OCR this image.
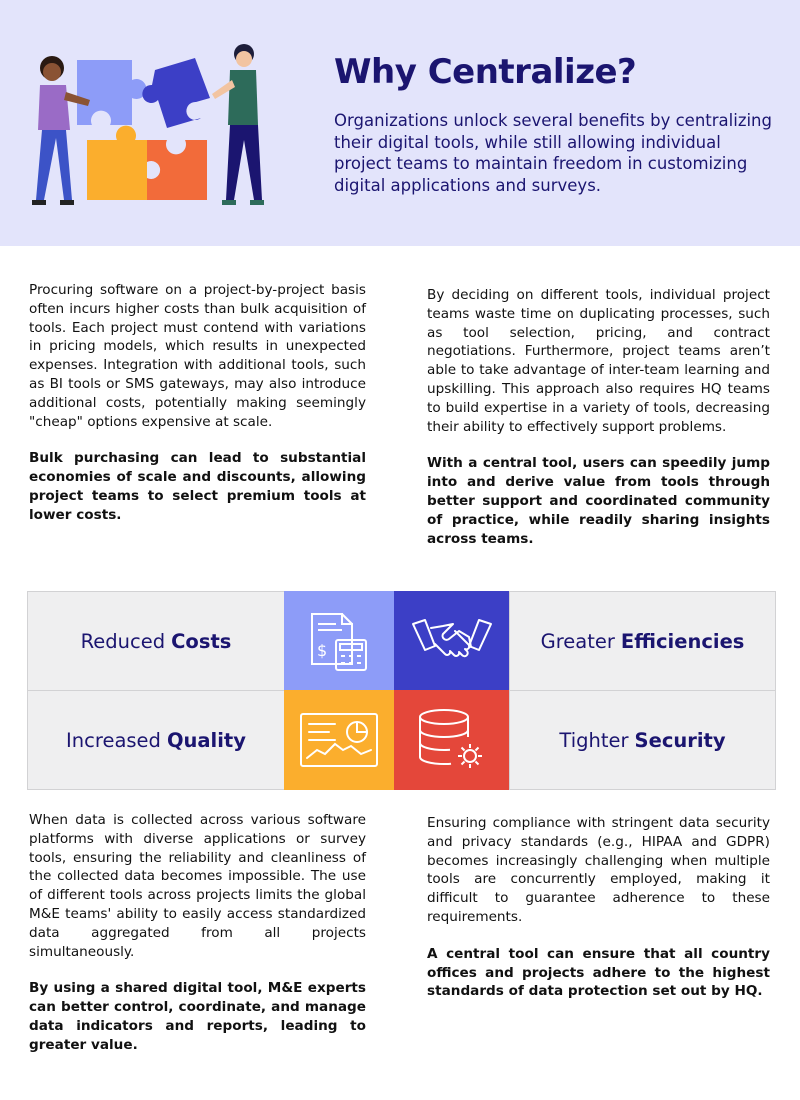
Why Centralize?
Organizations unlock several benefits by centralizing their digital tools, while still allowing individual project teams to maintain freedom in customizing digital applications and surveys.

Procuring software on a project-by-project basis often incurs higher costs than bulk acquisition of tools. Each project must contend with variations in pricing models, which results in unexpected expenses. Integration with additional tools, such as BI tools or SMS gateways, may also introduce additional costs, potentially making seemingly "cheap" options expensive at scale.

Bulk purchasing can lead to substantial economies of scale and discounts, allowing project teams to select premium tools at lower costs.

By deciding on different tools, individual project teams waste time on duplicating processes, such as tool selection, pricing, and contract negotiations. Furthermore, project teams aren’t able to take advantage of inter-team learning and upskilling. This approach also requires HQ teams to build expertise in a variety of tools, decreasing their ability to effectively support problems.

With a central tool, users can speedily jump into and derive value from tools through better support and coordinated community of practice, while readily sharing insights across teams.

Reduced Costs	$	Greater Efficiencies
Increased Quality	Tighter Security

When data is collected across various software platforms with diverse applications or survey tools, ensuring the reliability and cleanliness of the collected data becomes impossible. The use of different tools across projects limits the global M&E teams' ability to easily access standardized data aggregated from all projects simultaneously.

By using a shared digital tool, M&E experts can better control, coordinate, and manage data indicators and reports, leading to greater value.

Ensuring compliance with stringent data security and privacy standards (e.g., HIPAA and GDPR) becomes increasingly challenging when multiple tools are concurrently employed, making it difficult to guarantee adherence to these requirements.

A central tool can ensure that all country offices and projects adhere to the highest standards of data protection set out by HQ.
